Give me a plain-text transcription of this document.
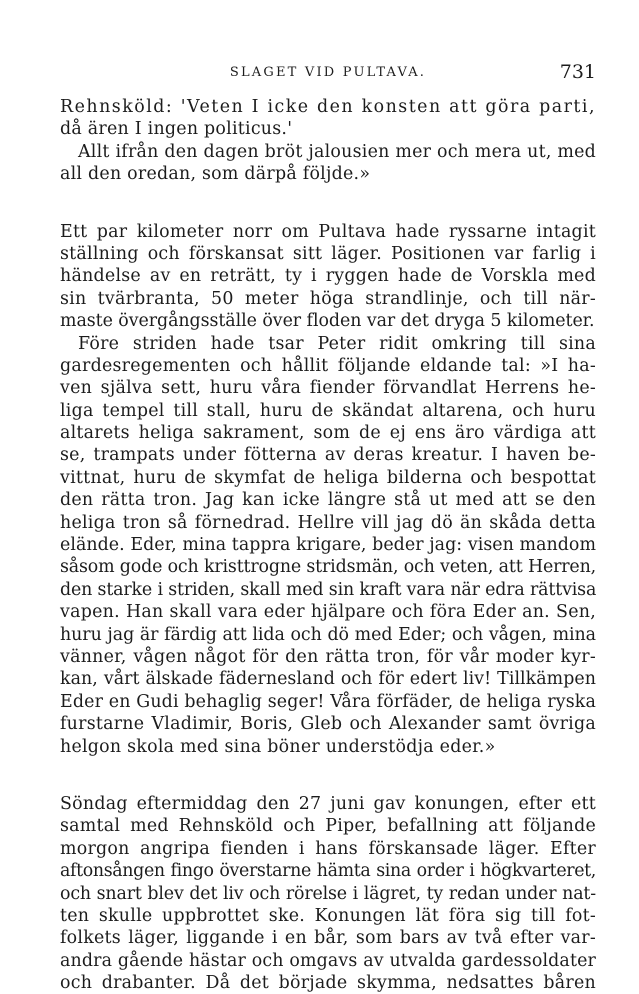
SLAGET VID PULTAVA.	731
Rehnsköld: 'Veten I icke den konsten att göra parti,
då ären I ingen politicus.'
Allt ifrån den dagen bröt jalousien mer och mera ut, med
all den oredan, som därpå följde.»
Ett par kilometer norr om Pultava hade ryssarne intagit
ställning och förskansat sitt läger. Positionen var farlig i
händelse av en reträtt, ty i ryggen hade de Vorskla med
sin tvärbranta, 50 meter höga strandlinje, och till när-
maste övergångsställe över floden var det dryga 5 kilometer.
Före striden hade tsar Peter ridit omkring till sina
gardesregementen och hållit följande eldande tal: »I ha-
ven själva sett, huru våra fiender förvandlat Herrens he-
liga tempel till stall, huru de skändat altarena, och huru
altarets heliga sakrament, som de ej ens äro värdiga att
se, trampats under fötterna av deras kreatur. I haven be-
vittnat, huru de skymfat de heliga bilderna och bespottat
den rätta tron. Jag kan icke längre stå ut med att se den
heliga tron så förnedrad. Hellre vill jag dö än skåda detta
elände. Eder, mina tappra krigare, beder jag: visen mandom
såsom gode och kristtrogne stridsmän, och veten, att Herren,
den starke i striden, skall med sin kraft vara när edra rättvisa
vapen. Han skall vara eder hjälpare och föra Eder an. Sen,
huru jag är färdig att lida och dö med Eder; och vågen, mina
vänner, vågen något för den rätta tron, för vår moder kyr-
kan, vårt älskade fädernesland och för edert liv! Tillkämpen
Eder en Gudi behaglig seger! Våra förfäder, de heliga ryska
furstarne Vladimir, Boris, Gleb och Alexander samt övriga
helgon skola med sina böner understödja eder.»
Söndag eftermiddag den 27 juni gav konungen, efter ett
samtal med Rehnsköld och Piper, befallning att följande
morgon angripa fienden i hans förskansade läger. Efter
aftonsången fingo överstarne hämta sina order i högkvarteret,
och snart blev det liv och rörelse i lägret, ty redan under nat-
ten skulle uppbrottet ske. Konungen lät föra sig till fot-
folkets läger, liggande i en bår, som bars av två efter var-
andra gående hästar och omgavs av utvalda gardessoldater
och drabanter. Då det började skymma, nedsattes båren
